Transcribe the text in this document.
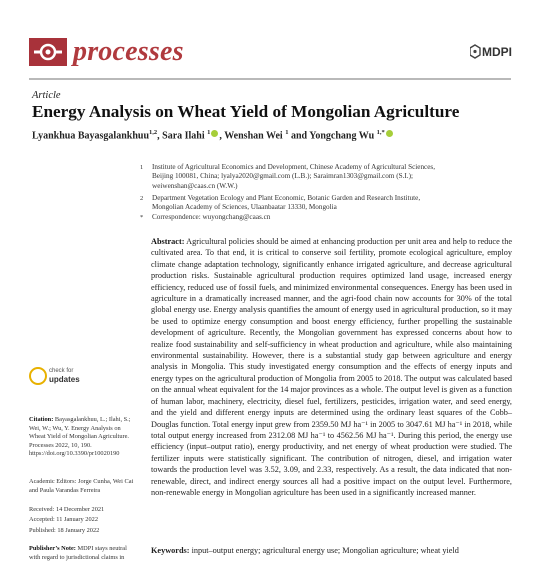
processes	MDPI
Article
Energy Analysis on Wheat Yield of Mongolian Agriculture
Lyankhua Bayasgalankhuu$^{1,2}$, Sara Ilahi $^1$ , Wenshan Wei $^1$ and Yongchang Wu $^{1,*}$
1 Institute of Agricultural Economics and Development, Chinese Academy of Agricultural Sciences,
Beijing 100081, China; lyalya2020@gmail.com (L.B.); Saraimran1303@gmail.com (S.I.);
weiwenshan@caas.cn (W.W.)
2 Department Vegetation Ecology and Plant Economic, Botanic Garden and Research Institute,
Mongolian Academy of Sciences, Ulaanbaatar 13330, Mongolia
* Correspondence: wuyongchang@caas.cn
Abstract: Agricultural policies should be aimed at enhancing production per unit area and help to reduce the cultivated area. To that end, it is critical to conserve soil fertility, promote ecological agriculture, employ climate change adaptation technology, significantly enhance irrigated agriculture, and decrease agricultural production risks. Sustainable agricultural production requires optimized land usage, increased energy efficiency, reduced use of fossil fuels, and minimized environmental consequences. Energy has been used in agriculture in a dramatically increased manner, and the agri-food chain now accounts for 30% of the total global energy use. Energy analysis quantifies the amount of energy used in agricultural production, so it may be used to optimize energy consumption and boost energy efficiency, further propelling the sustainable development of agriculture. Recently, the Mongolian government has expressed concerns about how to realize food sustainability and self-sufficiency in wheat production and agriculture, while also maintaining environmental sustainability. However, there is a substantial study gap between agriculture and energy analysis in Mongolia. This study investigated energy consumption and the effects of energy inputs and energy types on the agricultural production of Mongolia from 2005 to 2018. The output was calculated based on the annual wheat equivalent for the 14 major provinces as a whole. The output level is given as a function of human labor, machinery, electricity, diesel fuel, fertilizers, pesticides, irrigation water, and seed energy, and the yield and different energy inputs are determined using the ordinary least squares of the Cobb–Douglas function. Total energy input grew from 2359.50 MJ ha⁻¹ in 2005 to 3047.61 MJ ha⁻¹ in 2018, while total output energy increased from 2312.08 MJ ha⁻¹ to 4562.56 MJ ha⁻¹. During this period, the energy use efficiency (input–output ratio), energy productivity, and net energy of wheat production were studied. The fertilizer inputs were statistically significant. The contribution of nitrogen, diesel, and irrigation water towards the production level was 3.52, 3.09, and 2.33, respectively. As a result, the data indicated that non-renewable, direct, and indirect energy sources all had a positive impact on the output level. Furthermore, non-renewable energy in Mongolian agriculture has been used in a significantly increased manner.
Keywords: input–output energy; agricultural energy use; Mongolian agriculture; wheat yield
check for
updates
Citation: Bayasgalankhuu, L.; Ilahi, S.; Wei, W.; Wu, Y. Energy Analysis on Wheat Yield of Mongolian Agriculture. Processes 2022, 10, 190. https://doi.org/10.3390/pr10020190
Academic Editors: Jorge Cunha, Wei Cai and Paula Varandas Ferreira
Received: 14 December 2021
Accepted: 11 January 2022
Published: 18 January 2022
Publisher’s Note: MDPI stays neutral with regard to jurisdictional claims in
